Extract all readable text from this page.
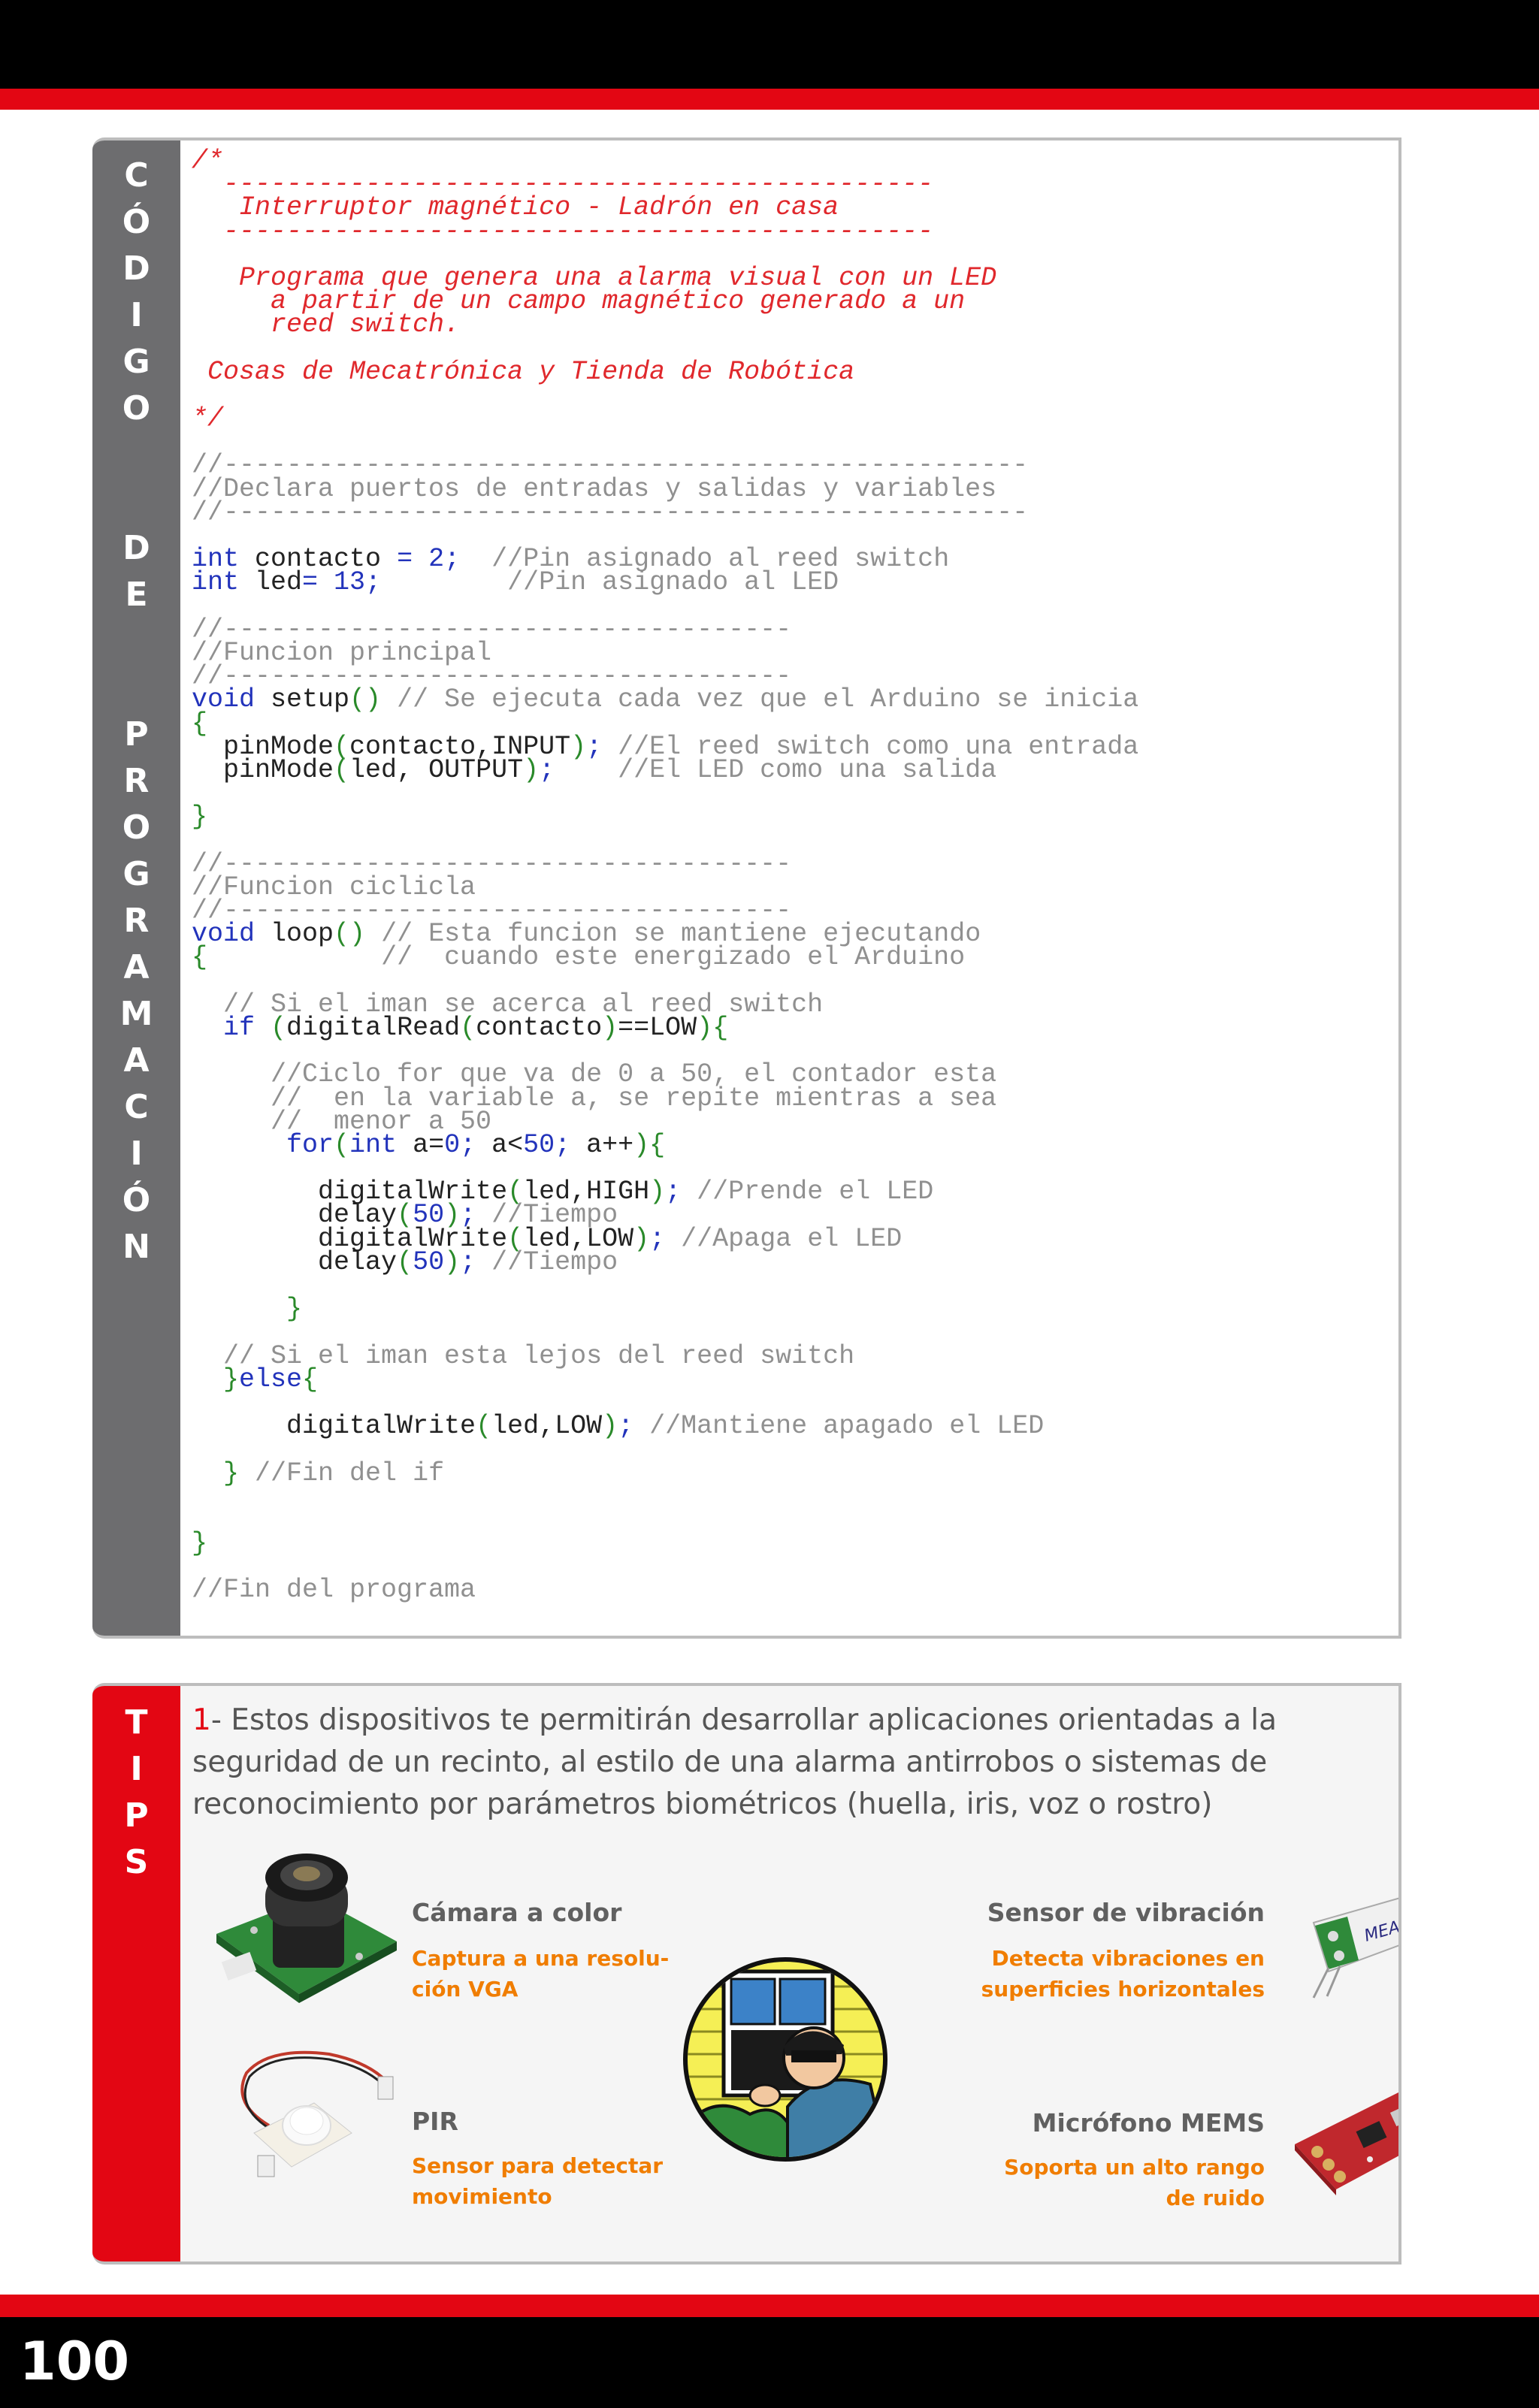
C
Ó
D
I
G
O
D
E
P
R
O
G
R
A
M
A
C
I
Ó
N
/*
---------------------------------------------
Interruptor magnético - Ladrón en casa
---------------------------------------------
Programa que genera una alarma visual con un LED
a partir de un campo magnético generado a un
reed switch.
Cosas de Mecatrónica y Tienda de Robótica
*/
//---------------------------------------------------
//Declara puertos de entradas y salidas y variables
//---------------------------------------------------
int contacto = 2; //Pin asignado al reed switch
int led= 13;	//Pin asignado al LED
//------------------------------------
//Funcion principal
//------------------------------------
void setup() // Se ejecuta cada vez que el Arduino se inicia
{
pinMode(contacto,INPUT); //El reed switch como una entrada
pinMode(led, OUTPUT); //El LED como una salida
}
//------------------------------------
//Funcion ciclicla
//------------------------------------
void loop() // Esta funcion se mantiene ejecutando
{	//  cuando este energizado el Arduino
// Si el iman se acerca al reed switch
if (digitalRead(contacto)==LOW){
//Ciclo for que va de 0 a 50, el contador esta
//  en la variable a, se repite mientras a sea
//  menor a 50
for(int a=0; a<50; a++){
digitalWrite(led,HIGH); //Prende el LED
delay(50); //Tiempo
digitalWrite(led,LOW); //Apaga el LED
delay(50); //Tiempo
}
// Si el iman esta lejos del reed switch
}else{
digitalWrite(led,LOW); //Mantiene apagado el LED
} //Fin del if
}
//Fin del programa
T
I
P
S
1- Estos dispositivos te permitirán desarrollar aplicaciones orientadas a la seguridad de un recinto, al estilo de una alarma antirrobos o sistemas de reconocimiento por parámetros biométricos (huella, iris, voz o rostro)
Cámara a color
Captura a una resolu-
ción VGA
Sensor de vibración
Detecta vibraciones en
superficies horizontales
MEAS
PIR
Sensor para detectar
movimiento
Micrófono MEMS
Soporta un alto rango
de ruido
100
